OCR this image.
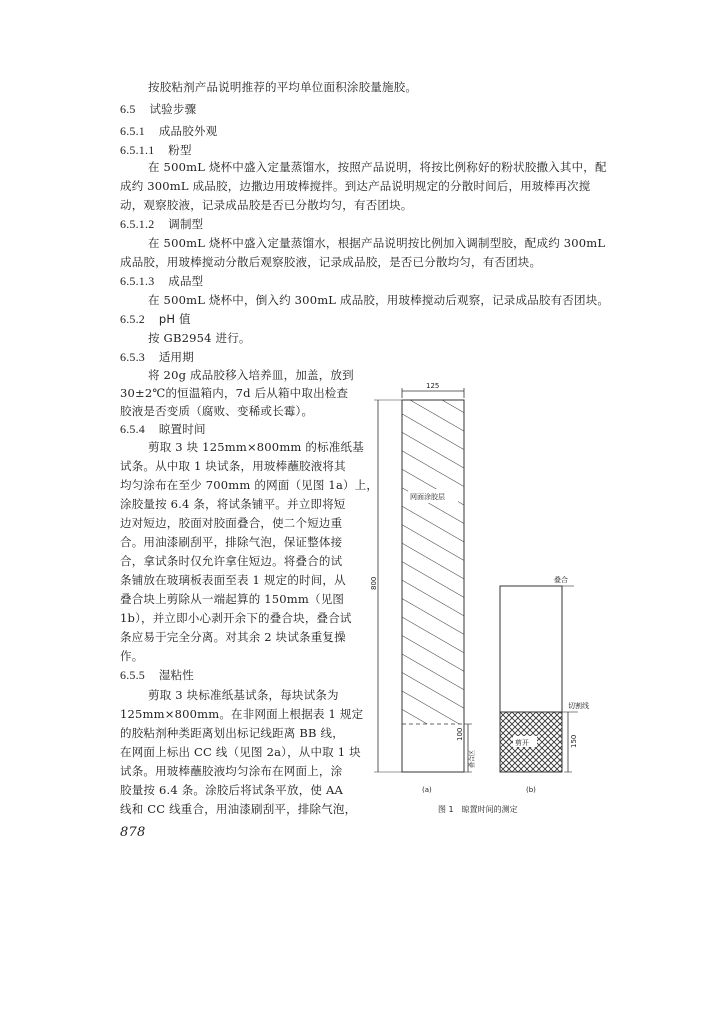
按胶粘剂产品说明推荐的平均单位面积涂胶量施胶。
6.5 试验步骤
6.5.1 成品胶外观
6.5.1.1 粉型
在 500mL 烧杯中盛入定量蒸馏水，按照产品说明，将按比例称好的粉状胶撒入其中，配
成约 300mL 成品胶，边撒边用玻棒搅拌。到达产品说明规定的分散时间后，用玻棒再次搅
动，观察胶液，记录成品胶是否已分散均匀，有否团块。
6.5.1.2 调制型
在 500mL 烧杯中盛入定量蒸馏水，根据产品说明按比例加入调制型胶，配成约 300mL
成品胶，用玻棒搅动分散后观察胶液，记录成品胶，是否已分散均匀，有否团块。
6.5.1.3 成品型
在 500mL 烧杯中，倒入约 300mL 成品胶，用玻棒搅动后观察，记录成品胶有否团块。
6.5.2 pH 值
按 GB2954 进行。
6.5.3 适用期
将 20g 成品胶移入培养皿，加盖，放到
30±2℃的恒温箱内，7d 后从箱中取出检查
胶液是否变质（腐败、变稀或长霉）。
6.5.4 晾置时间
剪取 3 块 125mm×800mm 的标准纸基
试条。从中取 1 块试条，用玻棒蘸胶液将其
均匀涂布在至少 700mm 的网面（见图 1a）上，
涂胶量按 6.4 条，将试条铺平。并立即将短
边对短边，胶面对胶面叠合，使二个短边重
合。用油漆刷刮平，排除气泡，保证整体接
合，拿试条时仅允许拿住短边。将叠合的试
条铺放在玻璃板表面至表 1 规定的时间，从
叠合块上剪除从一端起算的 150mm（见图
1b），并立即小心剥开余下的叠合块，叠合试
条应易于完全分离。对其余 2 块试条重复操
作。
6.5.5 湿粘性
剪取 3 块标准纸基试条，每块试条为
125mm×800mm。在非网面上根据表 1 规定
的胶粘剂种类距离划出标记线距离 BB 线，
在网面上标出 CC 线（见图 2a），从中取 1 块
试条。用玻棒蘸胶液均匀涂布在网面上，涂
胶量按 6.4 条。涂胶后将试条平放，使 AA
线和 CC 线重合，用油漆刷刮平，排除气泡，
878
125
网面涂胶层
800
100
叠合区
剪开
叠合
切割线
150
(a)	(b)
图 1　晾置时间的测定
